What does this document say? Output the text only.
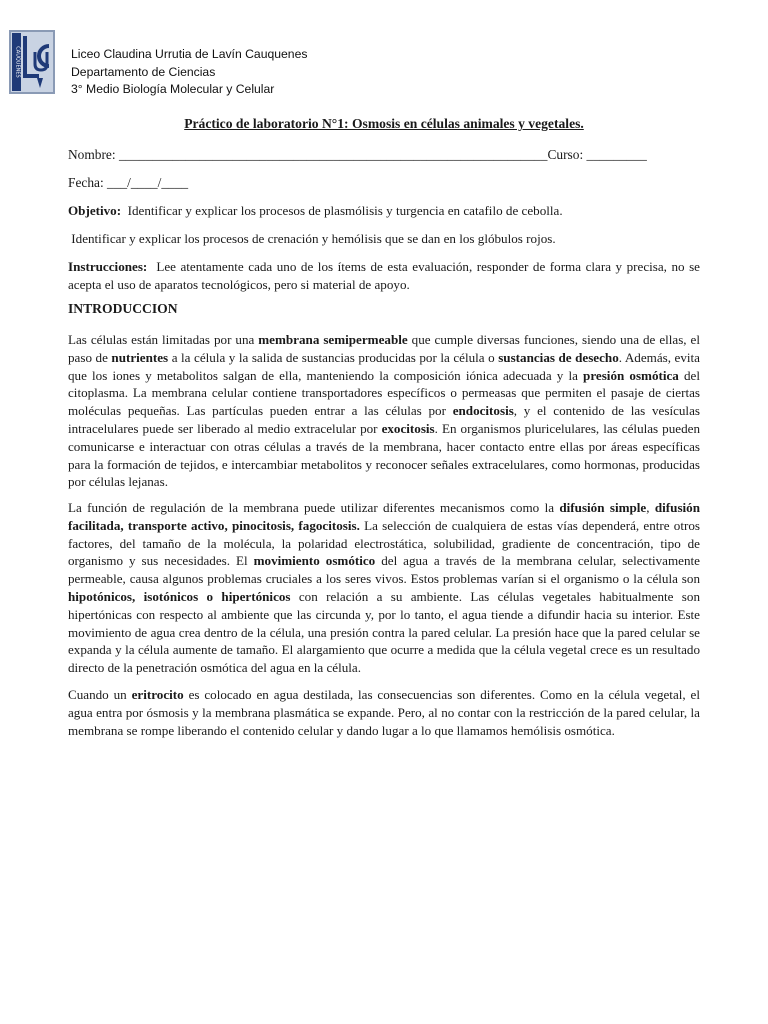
CAUQUENES	Liceo Claudina Urrutia de Lavín Cauquenes
Departamento de Ciencias
3° Medio Biología Molecular y Celular
Práctico de laboratorio N°1: Osmosis en células animales y vegetales.
Nombre: ________________________________________________________________Curso: _________
Fecha: ___/____/____
Objetivo: Identificar y explicar los procesos de plasmólisis y turgencia en catafilo de cebolla.
Identificar y explicar los procesos de crenación y hemólisis que se dan en los glóbulos rojos.
Instrucciones: Lee atentamente cada uno de los ítems de esta evaluación, responder de forma clara y precisa, no se acepta el uso de aparatos tecnológicos, pero si material de apoyo.
INTRODUCCION
Las células están limitadas por una membrana semipermeable que cumple diversas funciones, siendo una de ellas, el paso de nutrientes a la célula y la salida de sustancias producidas por la célula o sustancias de desecho. Además, evita que los iones y metabolitos salgan de ella, manteniendo la composición iónica adecuada y la presión osmótica del citoplasma. La membrana celular contiene transportadores específicos o permeasas que permiten el pasaje de ciertas moléculas pequeñas. Las partículas pueden entrar a las células por endocitosis, y el contenido de las vesículas intracelulares puede ser liberado al medio extracelular por exocitosis. En organismos pluricelulares, las células pueden comunicarse e interactuar con otras células a través de la membrana, hacer contacto entre ellas por áreas específicas para la formación de tejidos, e intercambiar metabolitos y reconocer señales extracelulares, como hormonas, producidas por células lejanas.
La función de regulación de la membrana puede utilizar diferentes mecanismos como la difusión simple, difusión facilitada, transporte activo, pinocitosis, fagocitosis. La selección de cualquiera de estas vías dependerá, entre otros factores, del tamaño de la molécula, la polaridad electrostática, solubilidad, gradiente de concentración, tipo de organismo y sus necesidades. El movimiento osmótico del agua a través de la membrana celular, selectivamente permeable, causa algunos problemas cruciales a los seres vivos. Estos problemas varían si el organismo o la célula son hipotónicos, isotónicos o hipertónicos con relación a su ambiente. Las células vegetales habitualmente son hipertónicas con respecto al ambiente que las circunda y, por lo tanto, el agua tiende a difundir hacia su interior. Este movimiento de agua crea dentro de la célula, una presión contra la pared celular. La presión hace que la pared celular se expanda y la célula aumente de tamaño. El alargamiento que ocurre a medida que la célula vegetal crece es un resultado directo de la penetración osmótica del agua en la célula.
Cuando un eritrocito es colocado en agua destilada, las consecuencias son diferentes. Como en la célula vegetal, el agua entra por ósmosis y la membrana plasmática se expande. Pero, al no contar con la restricción de la pared celular, la membrana se rompe liberando el contenido celular y dando lugar a lo que llamamos hemólisis osmótica.
